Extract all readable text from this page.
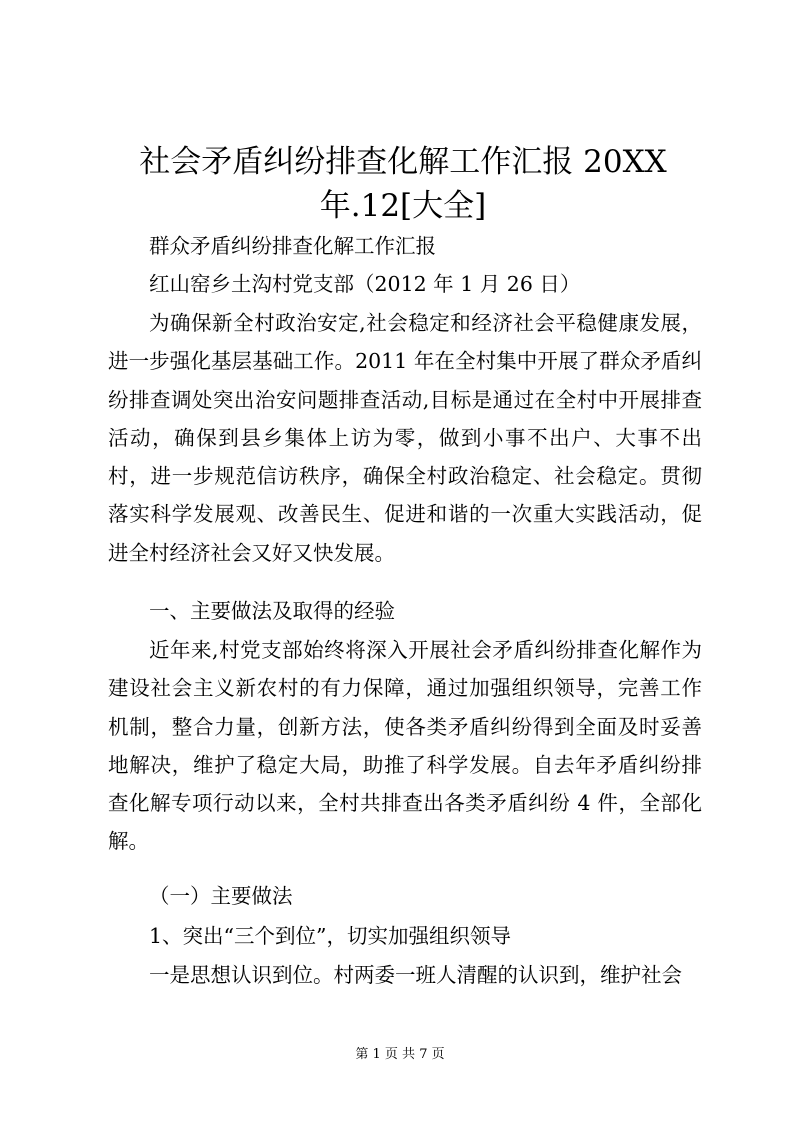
社会矛盾纠纷排查化解工作汇报 20XX
年.12[大全]

群众矛盾纠纷排查化解工作汇报

红山窑乡土沟村党支部（2012 年 1 月 26 日）

为确保新全村政治安定,社会稳定和经济社会平稳健康发展，进一步强化基层基础工作。2011 年在全村集中开展了群众矛盾纠纷排查调处突出治安问题排查活动,目标是通过在全村中开展排查活动，确保到县乡集体上访为零，做到小事不出户、大事不出村，进一步规范信访秩序，确保全村政治稳定、社会稳定。贯彻落实科学发展观、改善民生、促进和谐的一次重大实践活动，促进全村经济社会又好又快发展。

一、主要做法及取得的经验

近年来,村党支部始终将深入开展社会矛盾纠纷排查化解作为建设社会主义新农村的有力保障，通过加强组织领导，完善工作机制，整合力量，创新方法，使各类矛盾纠纷得到全面及时妥善地解决，维护了稳定大局，助推了科学发展。自去年矛盾纠纷排查化解专项行动以来，全村共排查出各类矛盾纠纷 4 件，全部化解。

（一）主要做法

1、突出“三个到位”，切实加强组织领导

一是思想认识到位。村两委一班人清醒的认识到，维护社会

第 1 页 共 7 页
